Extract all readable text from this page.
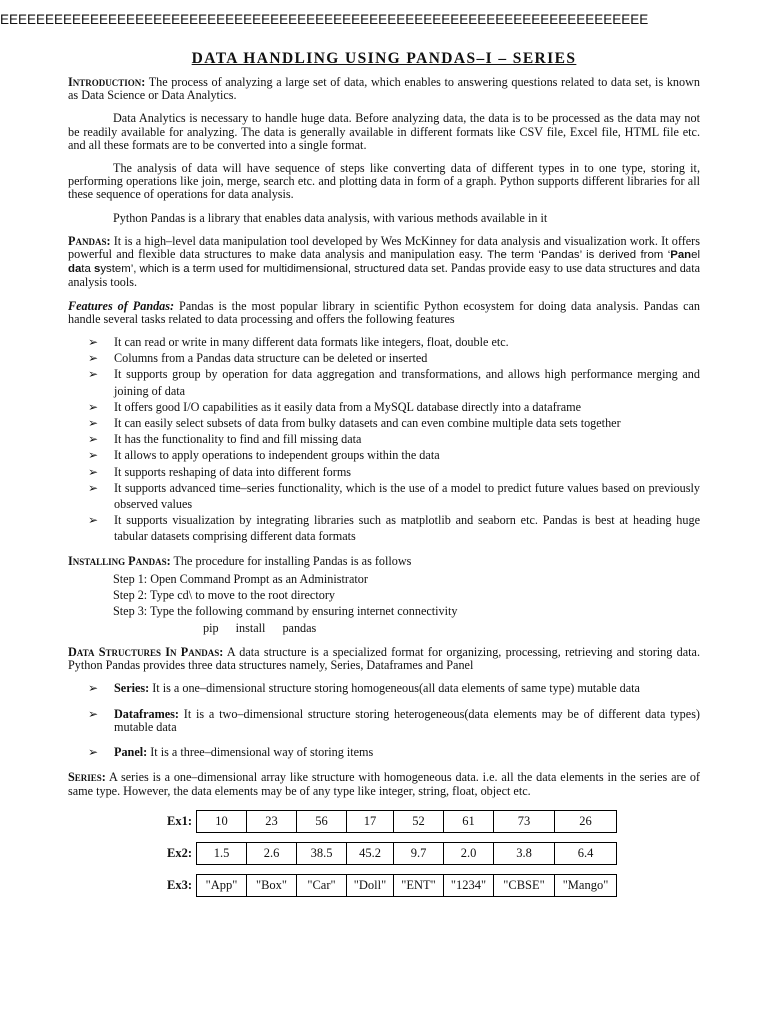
EEEEEEEEEEEEEEEEEEEEEEEEEEEEEEEEEEEEEEEEEEEEEEEEEEEEEEEEEEEEEEEEEEEEEEEE
DATA HANDLING USING PANDAS–I – SERIES

Introduction: The process of analyzing a large set of data, which enables to answering questions related to data set, is known as Data Science or Data Analytics.

Data Analytics is necessary to handle huge data. Before analyzing data, the data is to be processed as the data may not be readily available for analyzing. The data is generally available in different formats like CSV file, Excel file, HTML file etc. and all these formats are to be converted into a single format.

The analysis of data will have sequence of steps like converting data of different types in to one type, storing it, performing operations like join, merge, search etc. and plotting data in form of a graph. Python supports different libraries for all these sequence of operations for data analysis.

Python Pandas is a library that enables data analysis, with various methods available in it

Pandas: It is a high–level data manipulation tool developed by Wes McKinney for data analysis and visualization work. It offers powerful and flexible data structures to make data analysis and manipulation easy. The term ‘Pandas’ is derived from ‘Panel data system’, which is a term used for multidimensional, structured data set. Pandas provide easy to use data structures and data analysis tools.

Features of Pandas: Pandas is the most popular library in scientific Python ecosystem for doing data analysis. Pandas can handle several tasks related to data processing and offers the following features

➢ It can read or write in many different data formats like integers, float, double etc.
➢ Columns from a Pandas data structure can be deleted or inserted
➢ It supports group by operation for data aggregation and transformations, and allows high performance merging and joining of data
➢ It offers good I/O capabilities as it easily data from a MySQL database directly into a dataframe
➢ It can easily select subsets of data from bulky datasets and can even combine multiple data sets together
➢ It has the functionality to find and fill missing data
➢ It allows to apply operations to independent groups within the data
➢ It supports reshaping of data into different forms
➢ It supports advanced time–series functionality, which is the use of a model to predict future values based on previously observed values
➢ It supports visualization by integrating libraries such as matplotlib and seaborn etc. Pandas is best at heading huge tabular datasets comprising different data formats

Installing Pandas: The procedure for installing Pandas is as follows

Step 1: Open Command Prompt as an Administrator
Step 2: Type cd\ to move to the root directory
Step 3: Type the following command by ensuring internet connectivity
pip install pandas

Data Structures In Pandas: A data structure is a specialized format for organizing, processing, retrieving and storing data. Python Pandas provides three data structures namely, Series, Dataframes and Panel

➢ Series: It is a one–dimensional structure storing homogeneous(all data elements of same type) mutable data
➢ Dataframes: It is a two–dimensional structure storing heterogeneous(data elements may be of different data types) mutable data
➢ Panel: It is a three–dimensional way of storing items

Series: A series is a one–dimensional array like structure with homogeneous data. i.e. all the data elements in the series are of same type. However, the data elements may be of any type like integer, string, float, object etc.

Ex1:	10	23	56	17	52	61	73	26
Ex2:	1.5	2.6	38.5	45.2	9.7	2.0	3.8	6.4
Ex3:	"App"	"Box"	"Car"	"Doll"	"ENT"	"1234"	"CBSE"	"Mango"
